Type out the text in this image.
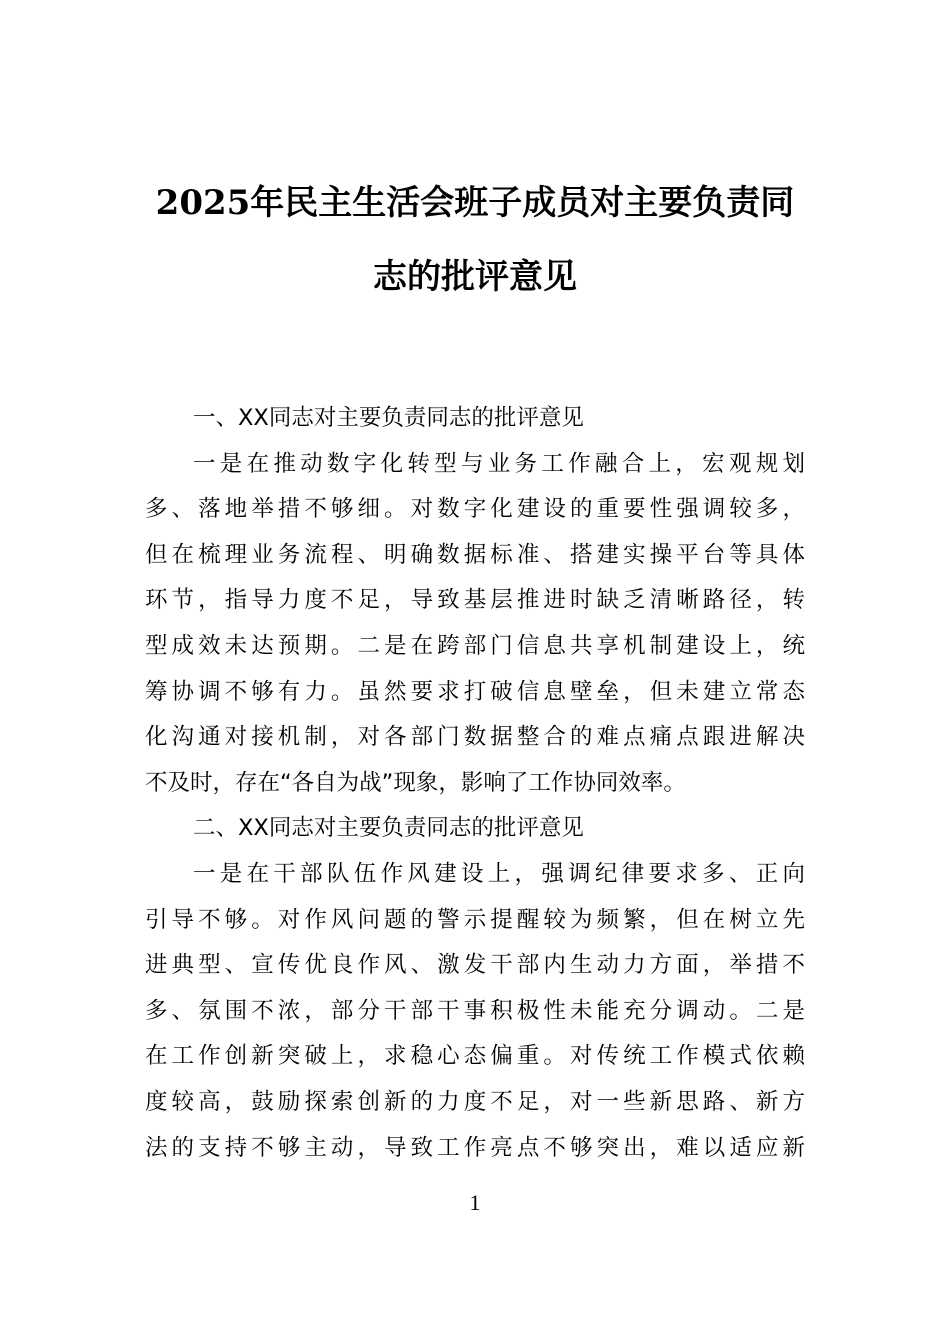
2025年民主生活会班子成员对主要负责同
志的批评意见
一、XX同志对主要负责同志的批评意见
一是在推动数字化转型与业务工作融合上，宏观规划
多、落地举措不够细。对数字化建设的重要性强调较多，
但在梳理业务流程、明确数据标准、搭建实操平台等具体
环节，指导力度不足，导致基层推进时缺乏清晰路径，转
型成效未达预期。二是在跨部门信息共享机制建设上，统
筹协调不够有力。虽然要求打破信息壁垒，但未建立常态
化沟通对接机制，对各部门数据整合的难点痛点跟进解决
不及时，存在“各自为战”现象，影响了工作协同效率。
二、XX同志对主要负责同志的批评意见
一是在干部队伍作风建设上，强调纪律要求多、正向
引导不够。对作风问题的警示提醒较为频繁，但在树立先
进典型、宣传优良作风、激发干部内生动力方面，举措不
多、氛围不浓，部分干部干事积极性未能充分调动。二是
在工作创新突破上，求稳心态偏重。对传统工作模式依赖
度较高，鼓励探索创新的力度不足，对一些新思路、新方
法的支持不够主动，导致工作亮点不够突出，难以适应新
1
